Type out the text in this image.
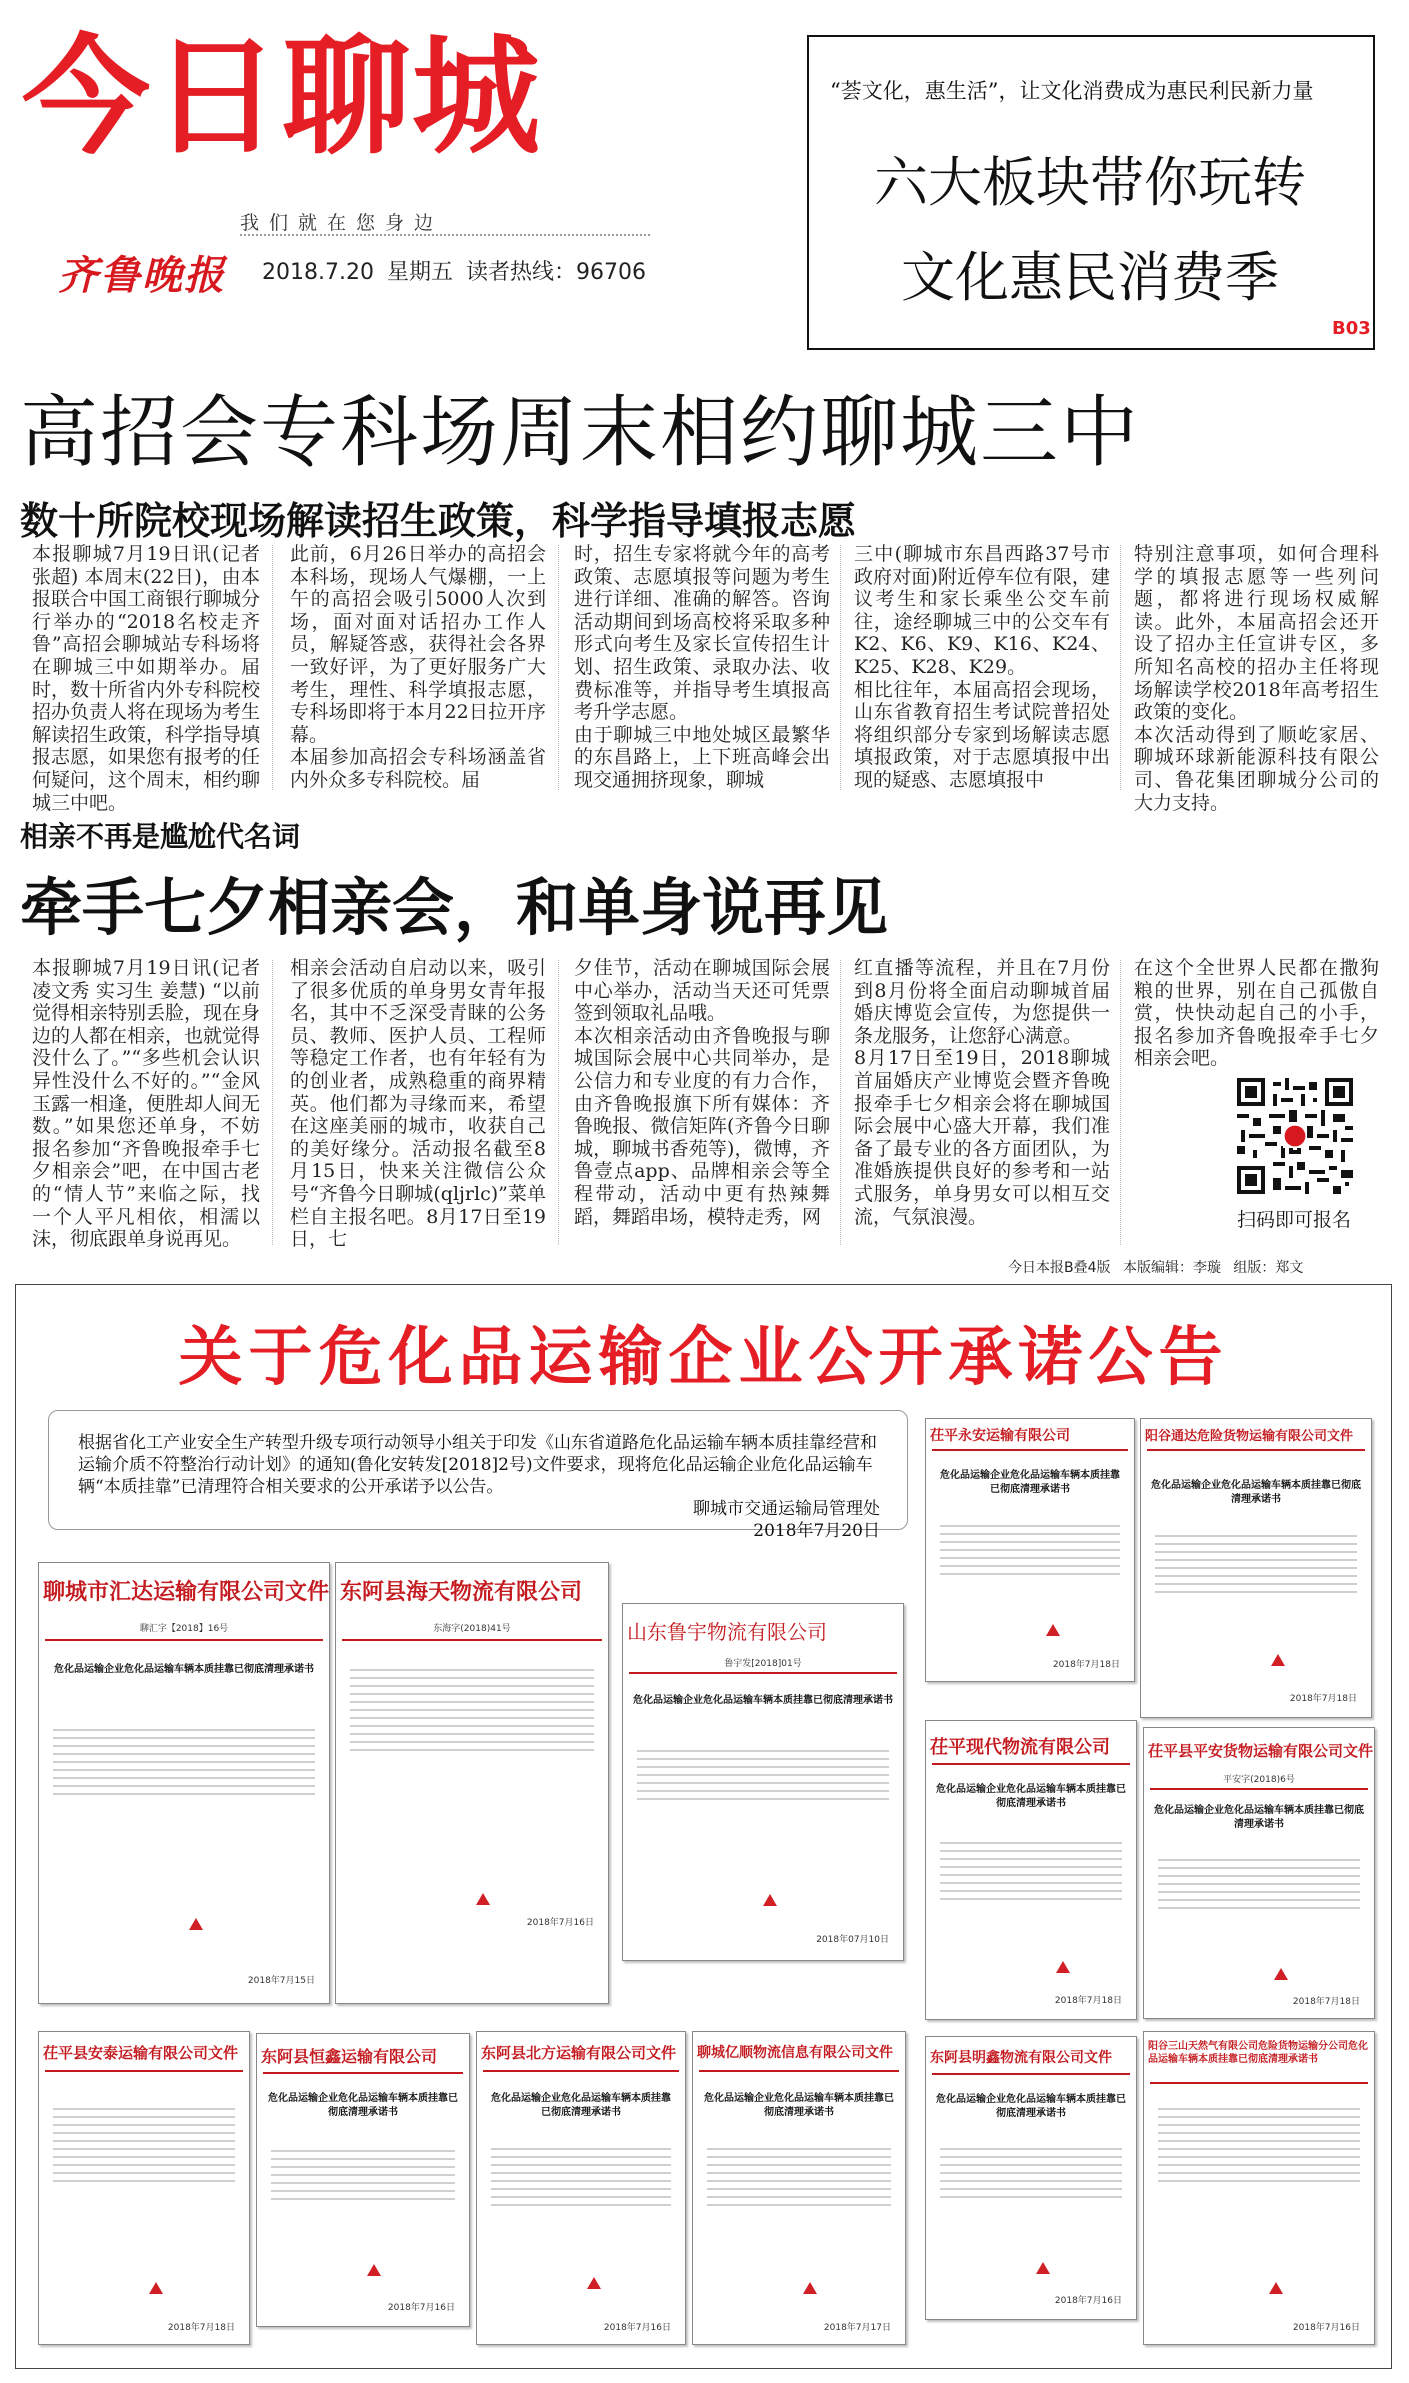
今日聊城
我们就在您身边
齐鲁晚报 2018.7.20 星期五 读者热线：96706
“荟文化，惠生活”，让文化消费成为惠民利民新力量
六大板块带你玩转
文化惠民消费季
B03
高招会专科场周末相约聊城三中
数十所院校现场解读招生政策，科学指导填报志愿
本报聊城7月19日讯(记者 张超) 本周末(22日)，由本报联合中国工商银行聊城分行举办的“2018名校走齐鲁”高招会聊城站专科场将在聊城三中如期举办。届时，数十所省内外专科院校招办负责人将在现场为考生解读招生政策，科学指导填报志愿，如果您有报考的任何疑问，这个周末，相约聊城三中吧。
此前，6月26日举办的高招会本科场，现场人气爆棚，一上午的高招会吸引5000人次到场，面对面对话招办工作人员，解疑答惑，获得社会各界一致好评，为了更好服务广大考生，理性、科学填报志愿，专科场即将于本月22日拉开序幕。
本届参加高招会专科场涵盖省内外众多专科院校。届
时，招生专家将就今年的高考政策、志愿填报等问题为考生进行详细、准确的解答。咨询活动期间到场高校将采取多种形式向考生及家长宣传招生计划、招生政策、录取办法、收费标准等，并指导考生填报高考升学志愿。
由于聊城三中地处城区最繁华的东昌路上，上下班高峰会出现交通拥挤现象，聊城
三中(聊城市东昌西路37号市政府对面)附近停车位有限，建议考生和家长乘坐公交车前往，途经聊城三中的公交车有K2、K6、K9、K16、K24、K25、K28、K29。
相比往年，本届高招会现场，山东省教育招生考试院普招处将组织部分专家到场解读志愿填报政策，对于志愿填报中出现的疑惑、志愿填报中
特别注意事项，如何合理科学的填报志愿等一些列问题，都将进行现场权威解读。此外，本届高招会还开设了招办主任宣讲专区，多所知名高校的招办主任将现场解读学校2018年高考招生政策的变化。
本次活动得到了顺屹家居、聊城环球新能源科技有限公司、鲁花集团聊城分公司的大力支持。
相亲不再是尴尬代名词
牵手七夕相亲会，和单身说再见
本报聊城7月19日讯(记者 凌文秀 实习生 姜慧) “以前觉得相亲特别丢脸，现在身边的人都在相亲，也就觉得没什么了。”“多些机会认识异性没什么不好的。”“金风玉露一相逢，便胜却人间无数。”如果您还单身，不妨报名参加“齐鲁晚报牵手七夕相亲会”吧，在中国古老的“情人节”来临之际，找一个人平凡相依，相濡以沫，彻底跟单身说再见。
相亲会活动自启动以来，吸引了很多优质的单身男女青年报名，其中不乏深受青睐的公务员、教师、医护人员、工程师等稳定工作者，也有年轻有为的创业者，成熟稳重的商界精英。他们都为寻缘而来，希望在这座美丽的城市，收获自己的美好缘分。活动报名截至8月15日，快来关注微信公众号“齐鲁今日聊城(qljrlc)”菜单栏自主报名吧。8月17日至19日，七
夕佳节，活动在聊城国际会展中心举办，活动当天还可凭票签到领取礼品哦。
本次相亲活动由齐鲁晚报与聊城国际会展中心共同举办，是公信力和专业度的有力合作，由齐鲁晚报旗下所有媒体：齐鲁晚报、微信矩阵(齐鲁今日聊城，聊城书香苑等)，微博，齐鲁壹点app、品牌相亲会等全程带动，活动中更有热辣舞蹈，舞蹈串场，模特走秀，网
红直播等流程，并且在7月份到8月份将全面启动聊城首届婚庆博览会宣传，为您提供一条龙服务，让您舒心满意。
8月17日至19日，2018聊城首届婚庆产业博览会暨齐鲁晚报牵手七夕相亲会将在聊城国际会展中心盛大开幕，我们准备了最专业的各方面团队，为准婚族提供良好的参考和一站式服务，单身男女可以相互交流，气氛浪漫。
在这个全世界人民都在撒狗粮的世界，别在自己孤傲自赏，快快动起自己的小手，报名参加齐鲁晚报牵手七夕相亲会吧。
扫码即可报名
今日本报B叠4版 本版编辑：李璇 组版：郑文
关于危化品运输企业公开承诺公告
根据省化工产业安全生产转型升级专项行动领导小组关于印发《山东省道路危化品运输车辆本质挂靠经营和运输介质不符整治行动计划》的通知(鲁化安转发[2018]2号)文件要求，现将危化品运输企业危化品运输车辆“本质挂靠”已清理符合相关要求的公开承诺予以公告。
聊城市交通运输局管理处
2018年7月20日
茌平永安运输有限公司
危化品运输企业危化品运输车辆本质挂靠已彻底清理承诺书
2018年7月18日
阳谷通达危险货物运输有限公司文件
危化品运输企业危化品运输车辆本质挂靠已彻底清理承诺书
2018年7月18日
聊城市汇达运输有限公司文件
聊汇字【2018】16号
危化品运输企业危化品运输车辆本质挂靠已彻底清理承诺书
2018年7月15日
东阿县海天物流有限公司
东海字(2018)41号
2018年7月16日
山东鲁宇物流有限公司
鲁宇发[2018]01号
危化品运输企业危化品运输车辆本质挂靠已彻底清理承诺书
2018年07月10日
茌平现代物流有限公司
危化品运输企业危化品运输车辆本质挂靠已彻底清理承诺书
2018年7月18日
茌平县平安货物运输有限公司文件
平安字(2018)6号
危化品运输企业危化品运输车辆本质挂靠已彻底清理承诺书
2018年7月18日
茌平县安泰运输有限公司文件
2018年7月18日
东阿县恒鑫运输有限公司
危化品运输企业危化品运输车辆本质挂靠已彻底清理承诺书
2018年7月16日
东阿县北方运输有限公司文件
危化品运输企业危化品运输车辆本质挂靠已彻底清理承诺书
2018年7月16日
聊城亿顺物流信息有限公司文件
危化品运输企业危化品运输车辆本质挂靠已彻底清理承诺书
2018年7月17日
东阿县明鑫物流有限公司文件
危化品运输企业危化品运输车辆本质挂靠已彻底清理承诺书
2018年7月16日
阳谷三山天然气有限公司危险货物运输分公司危化品运输车辆本质挂靠已彻底清理承诺书
2018年7月16日
